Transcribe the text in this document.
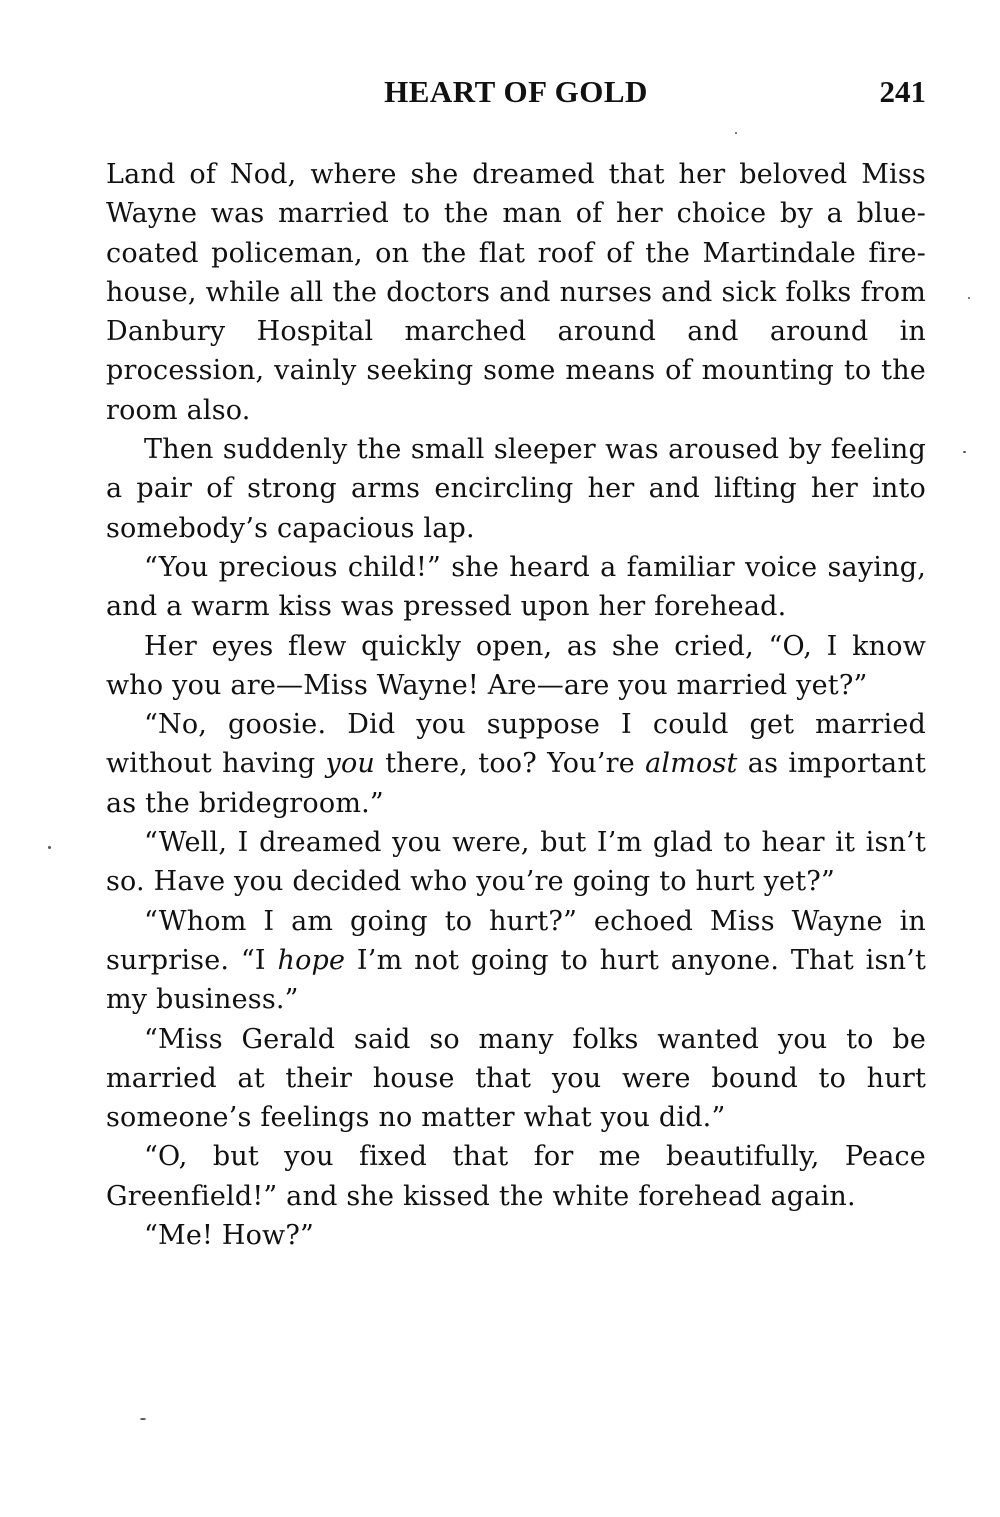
HEART OF GOLD	241

Land of Nod, where she dreamed that her beloved Miss Wayne was married to the man of her choice by a blue-coated policeman, on the flat roof of the Martindale fire-house, while all the doctors and nurses and sick folks from Danbury Hospital marched around and around in procession, vainly seeking some means of mounting to the room also.

Then suddenly the small sleeper was aroused by feeling a pair of strong arms encircling her and lifting her into somebody’s capacious lap.

“You precious child!” she heard a familiar voice saying, and a warm kiss was pressed upon her forehead.

Her eyes flew quickly open, as she cried, “O, I know who you are—Miss Wayne! Are—are you married yet?”

“No, goosie. Did you suppose I could get married without having you there, too? You’re almost as important as the bridegroom.”

“Well, I dreamed you were, but I’m glad to hear it isn’t so. Have you decided who you’re going to hurt yet?”

“Whom I am going to hurt?” echoed Miss Wayne in surprise. “I hope I’m not going to hurt anyone. That isn’t my business.”

“Miss Gerald said so many folks wanted you to be married at their house that you were bound to hurt someone’s feelings no matter what you did.”

“O, but you fixed that for me beautifully, Peace Greenfield!” and she kissed the white forehead again.

“Me! How?”
